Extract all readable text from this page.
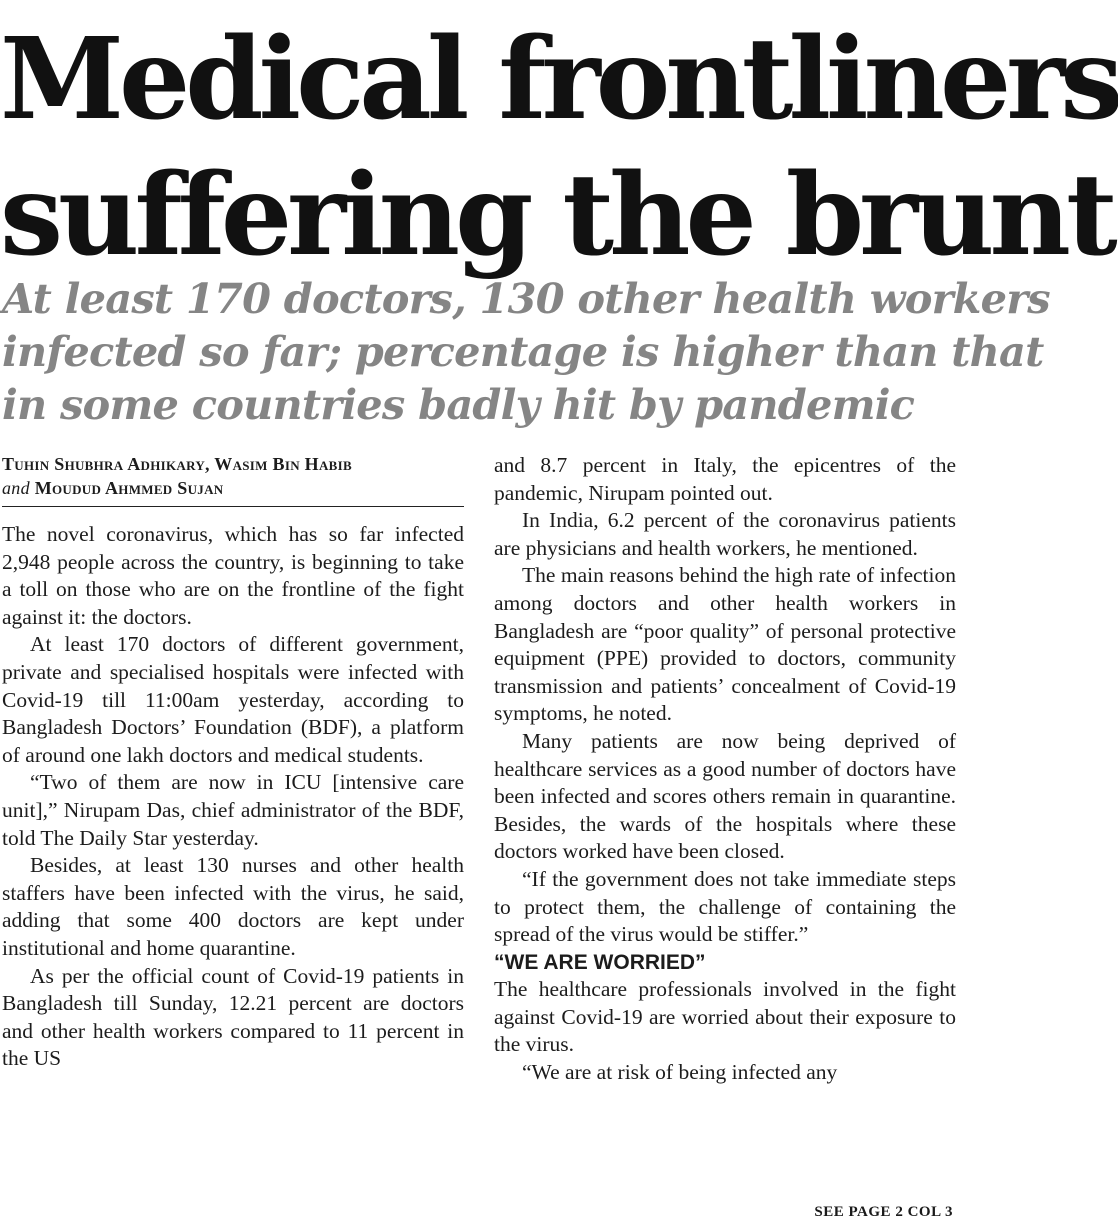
Medical frontliners
suffering the brunt
At least 170 doctors, 130 other health workers
infected so far; percentage is higher than that
in some countries badly hit by pandemic
Tuhin Shubhra Adhikary, Wasim Bin Habib
and Moudud Ahmmed Sujan

The novel coronavirus, which has so far infected 2,948 people across the country, is beginning to take a toll on those who are on the frontline of the fight against it: the doctors.

At least 170 doctors of different government, private and specialised hospitals were infected with Covid-19 till 11:00am yesterday, according to Bangladesh Doctors’ Foundation (BDF), a platform of around one lakh doctors and medical students.

“Two of them are now in ICU [intensive care unit],” Nirupam Das, chief administrator of the BDF, told The Daily Star yesterday.

Besides, at least 130 nurses and other health staffers have been infected with the virus, he said, adding that some 400 doctors are kept under institutional and home quarantine.

As per the official count of Covid-19 patients in Bangladesh till Sunday, 12.21 percent are doctors and other health workers compared to 11 percent in the US

and 8.7 percent in Italy, the epicentres of the pandemic, Nirupam pointed out.

In India, 6.2 percent of the coronavirus patients are physicians and health workers, he mentioned.

The main reasons behind the high rate of infection among doctors and other health workers in Bangladesh are “poor quality” of personal protective equipment (PPE) provided to doctors, community transmission and patients’ concealment of Covid-19 symptoms, he noted.

Many patients are now being deprived of healthcare services as a good number of doctors have been infected and scores others remain in quarantine. Besides, the wards of the hospitals where these doctors worked have been closed.

“If the government does not take immediate steps to protect them, the challenge of containing the spread of the virus would be stiffer.”

“WE ARE WORRIED”

The healthcare professionals involved in the fight against Covid-19 are worried about their exposure to the virus.

“We are at risk of being infected any

SEE PAGE 2 COL 3
